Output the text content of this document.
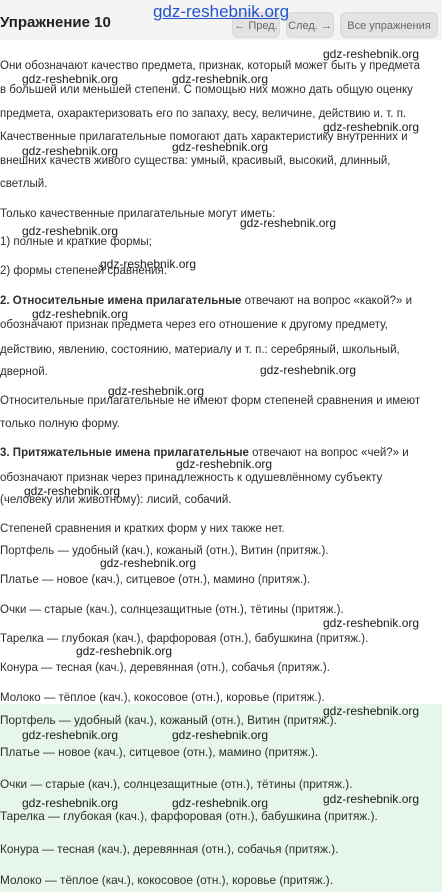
Упражнение 10	← Пред. След. →	Все упражнения
gdz-reshebnik.org
Они обозначают качество предмета, признак, который может быть у предмета
в большей или меньшей степени. С помощью них можно дать общую оценку
предмета, охарактеризовать его по запаху, весу, величине, действию и. т. п.
Качественные прилагательные помогают дать характеристику внутренних и
внешних качеств живого существа: умный, красивый, высокий, длинный,
светлый.
Только качественные прилагательные могут иметь:
1) полные и краткие формы;
2) формы степеней сравнения.
2. Относительные имена прилагательные отвечают на вопрос «какой?» и
обозначают признак предмета через его отношение к другому предмету,
действию, явлению, состоянию, материалу и т. п.: серебряный, школьный,
дверной.
Относительные прилагательные не имеют форм степеней сравнения и имеют
только полную форму.
3. Притяжательные имена прилагательные отвечают на вопрос «чей?» и
обозначают признак через принадлежность к одушевлённому субъекту
(человеку или животному): лисий, собачий.
Степеней сравнения и кратких форм у них также нет.
Портфель — удобный (кач.), кожаный (отн.), Витин (притяж.).
Платье — новое (кач.), ситцевое (отн.), мамино (притяж.).
Очки — старые (кач.), солнцезащитные (отн.), тётины (притяж.).
Тарелка — глубокая (кач.), фарфоровая (отн.), бабушкина (притяж.).
Конура — тесная (кач.), деревянная (отн.), собачья (притяж.).
Молоко — тёплое (кач.), кокосовое (отн.), коровье (притяж.).
Портфель — удобный (кач.), кожаный (отн.), Витин (притяж.).
Платье — новое (кач.), ситцевое (отн.), мамино (притяж.).
Очки — старые (кач.), солнцезащитные (отн.), тётины (притяж.).
Тарелка — глубокая (кач.), фарфоровая (отн.), бабушкина (притяж.).
Конура — тесная (кач.), деревянная (отн.), собачья (притяж.).
Молоко — тёплое (кач.), кокосовое (отн.), коровье (притяж.).
gdz-reshebnik.org
gdz-reshebnik.org	gdz-reshebnik.org
gdz-reshebnik.org
gdz-reshebnik.org	gdz-reshebnik.org
gdz-reshebnik.org
gdz-reshebnik.org
gdz-reshebnik.org
gdz-reshebnik.org
gdz-reshebnik.org
gdz-reshebnik.org
gdz-reshebnik.org
gdz-reshebnik.org
gdz-reshebnik.org
gdz-reshebnik.org
gdz-reshebnik.org
gdz-reshebnik.org
gdz-reshebnik.org	gdz-reshebnik.org
gdz-reshebnik.org
gdz-reshebnik.org	gdz-reshebnik.org
